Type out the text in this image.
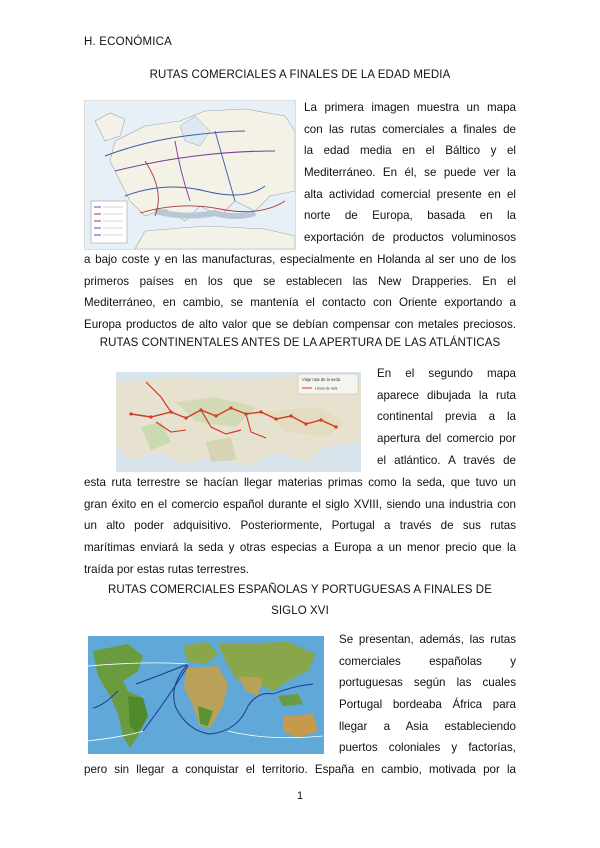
H. ECONÓMICA
RUTAS COMERCIALES A FINALES DE LA EDAD MEDIA
La primera imagen muestra un mapa
con las rutas comerciales a finales de
la edad media en el Báltico y el
Mediterráneo. En él, se puede ver la
alta actividad comercial presente en el
norte de Europa, basada en la
exportación de productos voluminosos
a bajo coste y en las manufacturas, especialmente en Holanda al ser uno de los
primeros países en los que se establecen las New Drapperies. En el
Mediterráneo, en cambio, se mantenía el contacto con Oriente exportando a
Europa productos de alto valor que se debían compensar con metales preciosos.
RUTAS CONTINENTALES ANTES DE LA APERTURA DE LAS ATLÁNTICAS
Viaje ruta de la seda
Línea de ruta
En el segundo mapa
aparece dibujada la ruta
continental previa a la
apertura del comercio por
el atlántico. A través de
esta ruta terrestre se hacían llegar materias primas como la seda, que tuvo un
gran éxito en el comercio español durante el siglo XVIII, siendo una industria con
un alto poder adquisitivo. Posteriormente, Portugal a través de sus rutas
marítimas enviará la seda y otras especias a Europa a un menor precio que la
traída por estas rutas terrestres.
RUTAS COMERCIALES ESPAÑOLAS Y PORTUGUESAS A FINALES DE
SIGLO XVI
Se presentan, además, las rutas
comerciales españolas y
portuguesas según las cuales
Portugal bordeaba África para
llegar a Asia estableciendo
puertos coloniales y factorías,
pero sin llegar a conquistar el territorio. España en cambio, motivada por la
1
